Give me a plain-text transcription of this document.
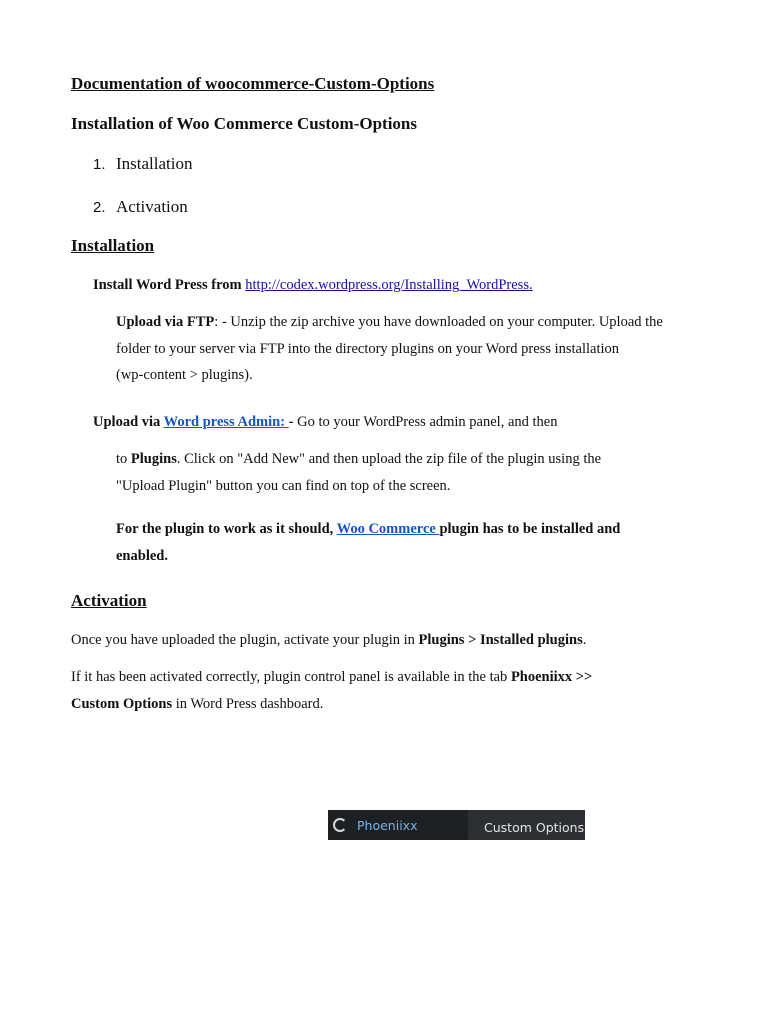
Documentation of woocommerce-Custom-Options
Installation of Woo Commerce Custom-Options
1. Installation
2. Activation
Installation
Install Word Press from http://codex.wordpress.org/Installing_WordPress.
Upload via FTP: - Unzip the zip archive you have downloaded on your computer. Upload the
folder to your server via FTP into the directory plugins on your Word press installation
(wp-content > plugins).
Upload via Word press Admin: - Go to your WordPress admin panel, and then
to Plugins. Click on "Add New" and then upload the zip file of the plugin using the
"Upload Plugin" button you can find on top of the screen.
For the plugin to work as it should, Woo Commerce plugin has to be installed and
enabled.
Activation
Once you have uploaded the plugin, activate your plugin in Plugins > Installed plugins.
If it has been activated correctly, plugin control panel is available in the tab Phoeniixx >>
Custom Options in Word Press dashboard.
Phoeniixx	Custom Options
